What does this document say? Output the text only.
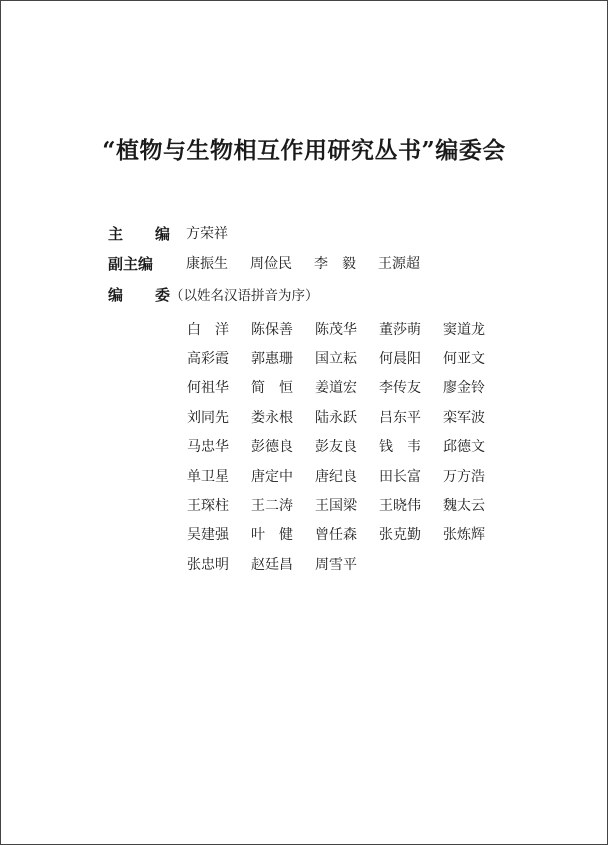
“植物与生物相互作用研究丛书”编委会
主 编 方荣祥
副主编	康振生	周俭民	李　毅	王源超
编 委 （以姓名汉语拼音为序）
白　洋	陈保善	陈茂华	董莎萌	窦道龙
高彩霞	郭惠珊	国立耘	何晨阳	何亚文
何祖华	简　恒	姜道宏	李传友	廖金铃
刘同先	娄永根	陆永跃	吕东平	栾军波
马忠华	彭德良	彭友良	钱　韦	邱德文
单卫星	唐定中	唐纪良	田长富	万方浩
王琛柱	王二涛	王国梁	王晓伟	魏太云
吴建强	叶　健	曾任森	张克勤	张炼辉
张忠明	赵廷昌	周雪平
